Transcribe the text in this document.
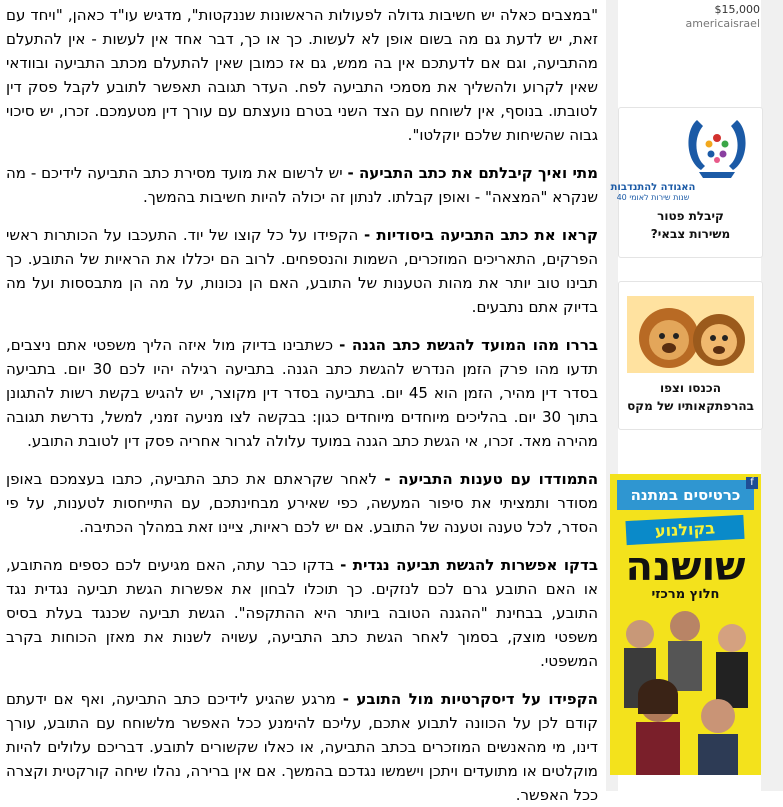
"במצבים כאלה יש חשיבות גדולה לפעולות הראשונות שננקטות", מדגיש עו"ד כאהן, "ויחד עם זאת, יש לדעת גם מה בשום אופן לא לעשות. כך או כך, דבר אחד אין לעשות - אין להתעלם מהתביעה, וגם אם לדעתכם אין בה ממש, גם אז כמובן שאין להתעלם מכתב התביעה ובוודאי שאין לקרוע ולהשליך את מסמכי התביעה לפח. העדר תגובה תאפשר לתובע לקבל פסק דין לטובתו. בנוסף, אין לשוחח עם הצד השני בטרם נועצתם עם עורך דין מטעמכם. זכרו, יש סיכוי גבוה שהשיחות שלכם יוקלטו".

מתי ואיך קיבלתם את כתב התביעה - יש לרשום את מועד מסירת כתב התביעה לידיכם - מה שנקרא "המצאה" - ואופן קבלתו. לנתון זה יכולה להיות חשיבות בהמשך.

קראו את כתב התביעה ביסודיות - הקפידו על כל קוצו של יוד. התעכבו על הכותרות ראשי הפרקים, התאריכים המוזכרים, השמות והנספחים. לרוב הם יכללו את הראיות של התובע. כך תבינו טוב יותר את מהות הטענות של התובע, האם הן נכונות, על מה הן מתבססות ועל מה בדיוק אתם נתבעים.

בררו מהו המועד להגשת כתב הגנה - כשתבינו בדיוק מול איזה הליך משפטי אתם ניצבים, תדעו מהו פרק הזמן הנדרש להגשת כתב הגנה. בתביעה רגילה יהיו לכם 30 יום. בתביעה בסדר דין מהיר, הזמן הוא 45 יום. בתביעה בסדר דין מקוצר, יש להגיש בקשת רשות להתגונן בתוך 30 יום. בהליכים מיוחדים מיוחדים כגון: בבקשה לצו מניעה זמני, למשל, נדרשת תגובה מהירה מאד. זכרו, אי הגשת כתב הגנה במועד עלולה לגרור אחריה פסק דין לטובת התובע.

התמודדו עם טענות התביעה - לאחר שקראתם את כתב התביעה, כתבו בעצמכם באופן מסודר ותמציתי את סיפור המעשה, כפי שאירע מבחינתכם, עם התייחסות לטענות, על פי הסדר, לכל טענה וטענה של התובע. אם יש לכם ראיות, ציינו זאת במהלך הכתיבה.

בדקו אפשרות להגשת תביעה נגדית - בדקו כבר עתה, האם מגיעים לכם כספים מהתובע, או האם התובע גרם לכם לנזקים. כך תוכלו לבחון את אפשרות הגשת תביעה נגדית נגד התובע, בבחינת "ההגנה הטובה ביותר היא ההתקפה". הגשת תביעה שכנגד בעלת בסיס משפטי מוצק, בסמוך לאחר הגשת כתב התביעה, עשויה לשנות את מאזן הכוחות בקרב המשפטי.

הקפידו על דיסקרטיות מול התובע - מרגע שהגיע לידיכם כתב התביעה, ואף אם ידעתם קודם לכן על הכוונה לתבוע אתכם, עליכם להימנע ככל האפשר מלשוחח עם התובע, עורך דינו, מי מהאנשים המוזכרים בכתב התביעה, או כאלו שקשורים לתובע. דבריכם עלולים להיות מוקלטים או מתועדים ויתכן וישמשו נגדכם בהמשך. אם אין ברירה, נהלו שיחה קורקטית וקצרה ככל האפשר.

$15,000
americaisrael
האגודה להתנדבות
40 שנות שירות לאומי
קיבלת פטור
משירות צבאי?
הכנסו וצפו
בהרפתקאותיו של מקס
כרטיסים במתנה
f
בקולנוע
שושנה
חלוץ מרכזי
